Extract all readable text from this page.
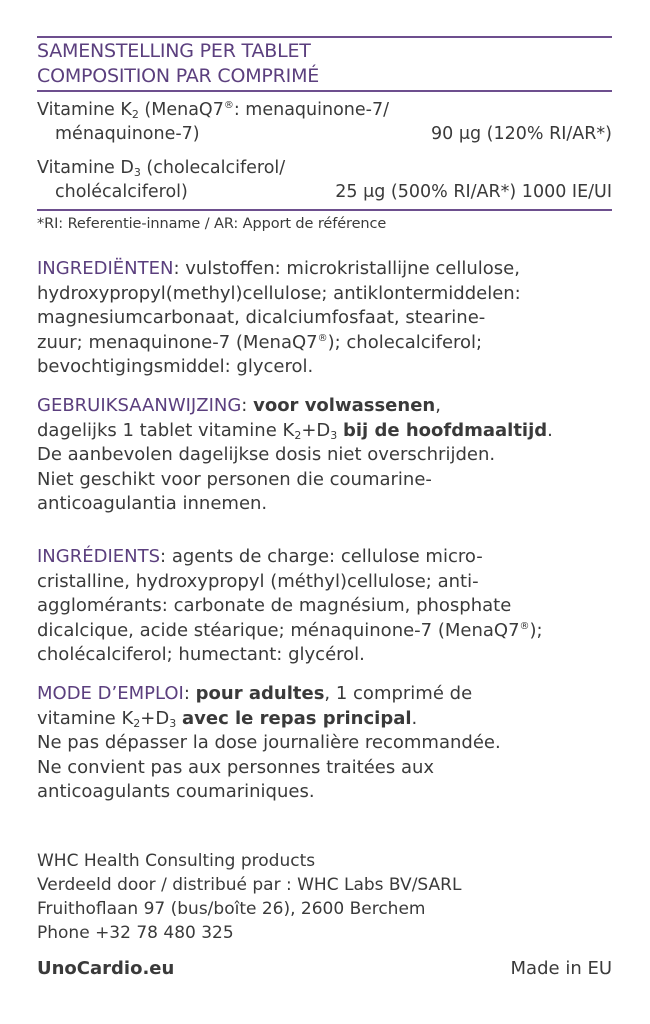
SAMENSTELLING PER TABLET
COMPOSITION PAR COMPRIMÉ
Vitamine $K_2$ (MenaQ7®: menaquinone-7/
ménaquinone-7)	90 μg (120% RI/AR*)
Vitamine $D_3$ (cholecalciferol/
cholécalciferol)	25 μg (500% RI/AR*) 1000 IE/UI
*RI: Referentie-inname / AR: Apport de référence
INGREDIËNTEN: vulstoffen: microkristallijne cellulose,
hydroxypropyl(methyl)cellulose; antiklontermiddelen:
magnesiumcarbonaat, dicalciumfosfaat, stearine-
zuur; menaquinone-7 (MenaQ7®); cholecalciferol;
bevochtigingsmiddel: glycerol.
GEBRUIKSAANWIJZING: voor volwassenen,
dagelijks 1 tablet vitamine $K_2+D_3$ bij de hoofdmaaltijd.
De aanbevolen dagelijkse dosis niet overschrijden.
Niet geschikt voor personen die coumarine-
anticoagulantia innemen.
INGRÉDIENTS: agents de charge: cellulose micro-
cristalline, hydroxypropyl (méthyl)cellulose; anti-
agglomérants: carbonate de magnésium, phosphate
dicalcique, acide stéarique; ménaquinone-7 (MenaQ7®);
cholécalciferol; humectant: glycérol.
MODE D’EMPLOI: pour adultes, 1 comprimé de
vitamine $K_2+D_3$ avec le repas principal.
Ne pas dépasser la dose journalière recommandée.
Ne convient pas aux personnes traitées aux
anticoagulants coumariniques.
WHC Health Consulting products
Verdeeld door / distribué par : WHC Labs BV/SARL
Fruithoflaan 97 (bus/boîte 26), 2600 Berchem
Phone +32 78 480 325
UnoCardio.eu	Made in EU
